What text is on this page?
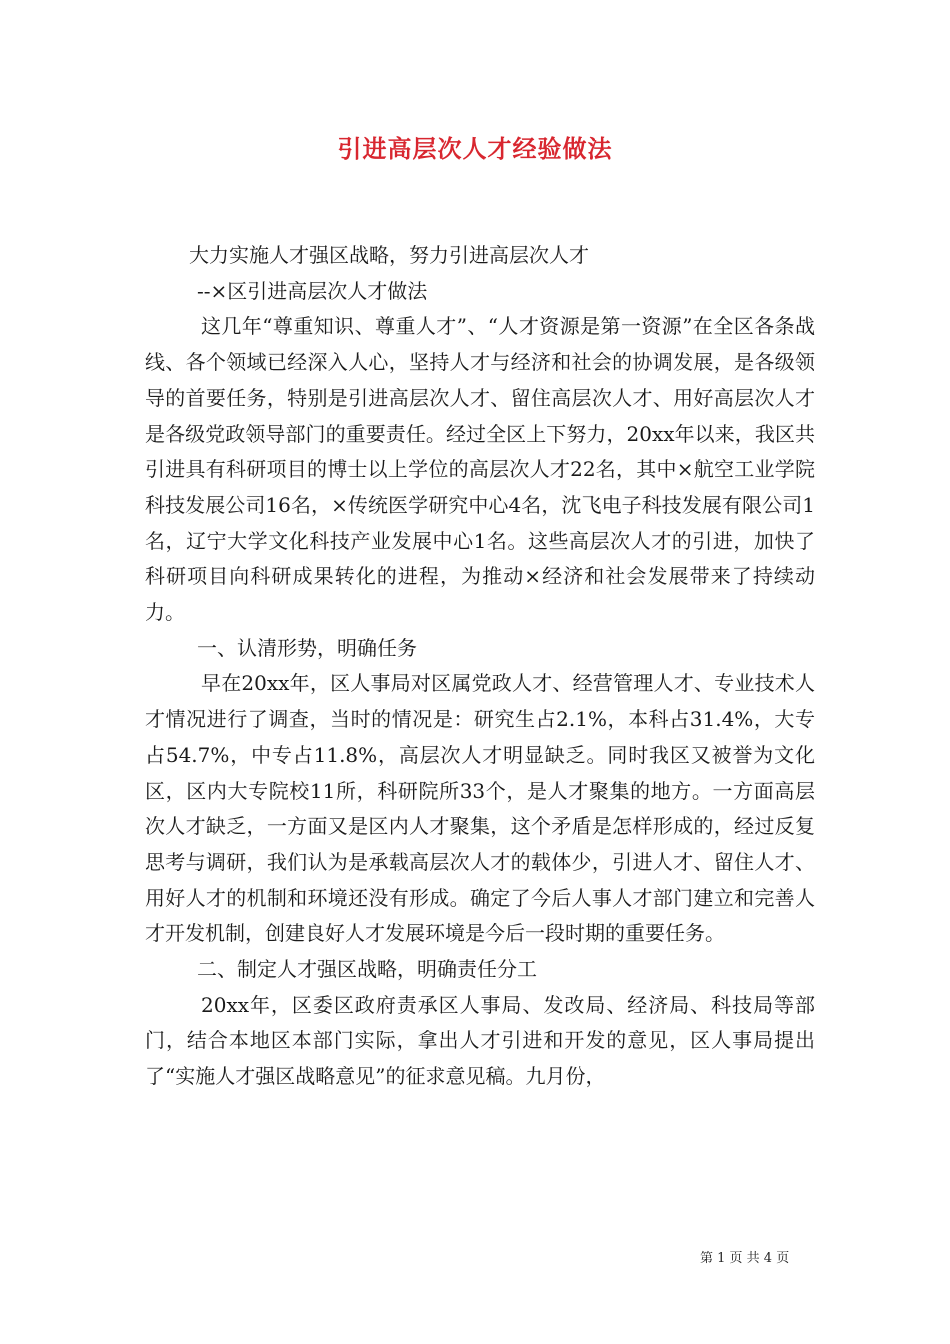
引进高层次人才经验做法

大力实施人才强区战略，努力引进高层次人才

--×区引进高层次人才做法

这几年“尊重知识、尊重人才”、“人才资源是第一资源”在全区各条战线、各个领域已经深入人心，坚持人才与经济和社会的协调发展，是各级领导的首要任务，特别是引进高层次人才、留住高层次人才、用好高层次人才是各级党政领导部门的重要责任。经过全区上下努力，20xx年以来，我区共引进具有科研项目的博士以上学位的高层次人才22名，其中×航空工业学院科技发展公司16名，×传统医学研究中心4名，沈飞电子科技发展有限公司1名，辽宁大学文化科技产业发展中心1名。这些高层次人才的引进，加快了科研项目向科研成果转化的进程，为推动×经济和社会发展带来了持续动力。

一、认清形势，明确任务

早在20xx年，区人事局对区属党政人才、经营管理人才、专业技术人才情况进行了调查，当时的情况是：研究生占2.1%，本科占31.4%，大专占54.7%，中专占11.8%，高层次人才明显缺乏。同时我区又被誉为文化区，区内大专院校11所，科研院所33个，是人才聚集的地方。一方面高层次人才缺乏，一方面又是区内人才聚集，这个矛盾是怎样形成的，经过反复思考与调研，我们认为是承载高层次人才的载体少，引进人才、留住人才、用好人才的机制和环境还没有形成。确定了今后人事人才部门建立和完善人才开发机制，创建良好人才发展环境是今后一段时期的重要任务。

二、制定人才强区战略，明确责任分工

20xx年，区委区政府责承区人事局、发改局、经济局、科技局等部门，结合本地区本部门实际，拿出人才引进和开发的意见，区人事局提出了“实施人才强区战略意见”的征求意见稿。九月份，

第 1 页 共 4 页
